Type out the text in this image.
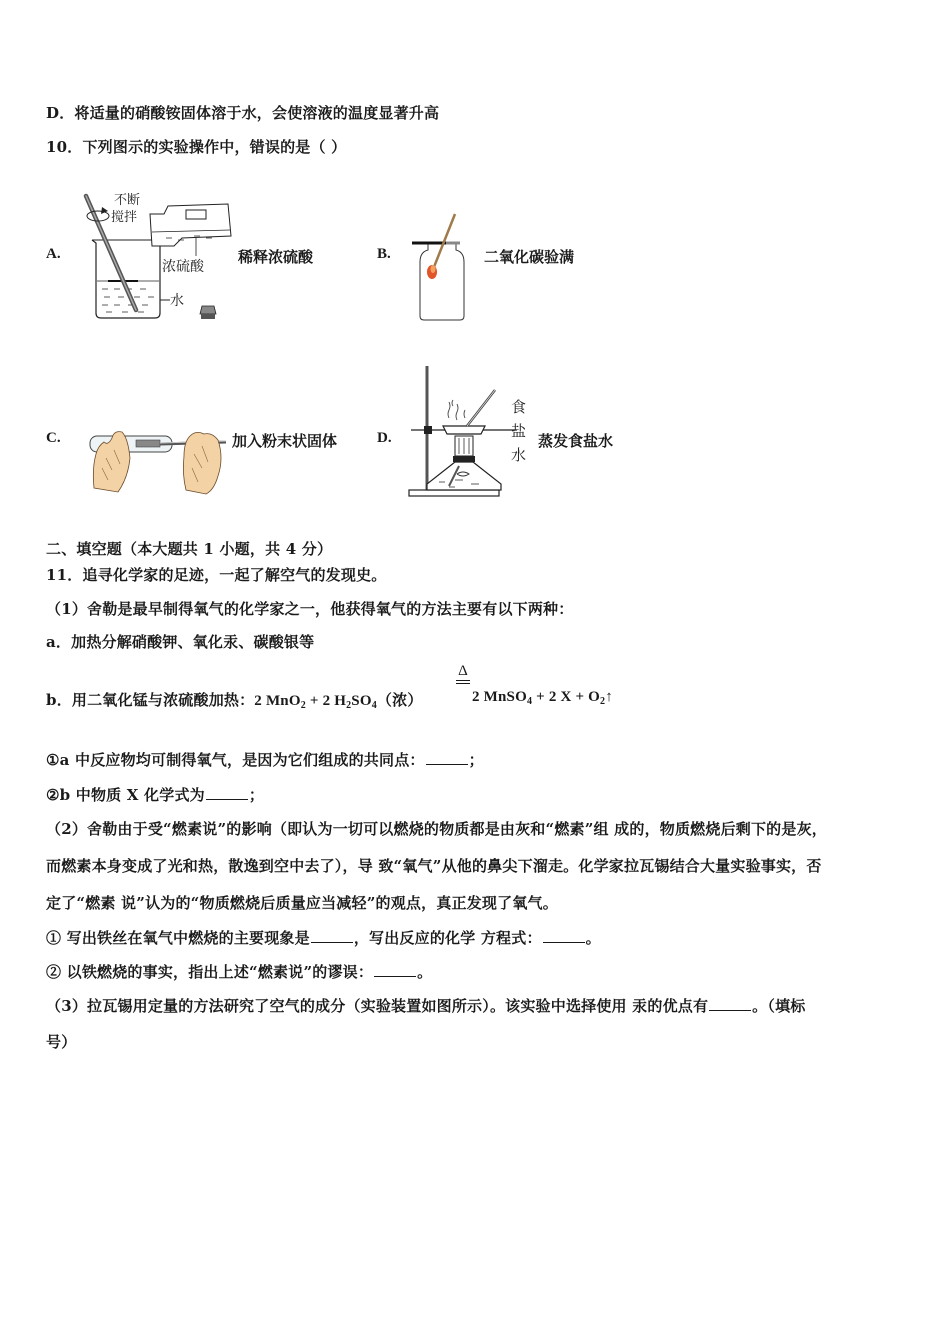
D．将适量的硝酸铵固体溶于水，会使溶液的温度显著升高
10．下列图示的实验操作中，错误的是（ ）
A.
不断
搅拌
浓硫酸
水
稀释浓硫酸	B.	二氧化碳验满
C.	加入粉末状固体	D.
食
盐
水
蒸发食盐水
二、填空题（本大题共 1 小题，共 4 分）
11．追寻化学家的足迹，一起了解空气的发现史。
（1）舍勒是最早制得氧气的化学家之一，他获得氧气的方法主要有以下两种：
a．加热分解硝酸钾、氧化汞、碳酸银等
b．用二氧化锰与浓硫酸加热：2 MnO$_2$ + 2 $H_2SO_4$（浓）
Δ
2 MnSO$_4$ + 2 $X + O_2↑$
①a 中反应物均可制得氧气，是因为它们组成的共同点：	；
②b 中物质 X 化学式为	；
（2）舍勒由于受“燃素说”的影响（即认为一切可以燃烧的物质都是由灰和“燃素”组 成的，物质燃烧后剩下的是灰，
而燃素本身变成了光和热，散逸到空中去了），导 致“氧气”从他的鼻尖下溜走。化学家拉瓦锡结合大量实验事实，否
定了“燃素 说”认为的“物质燃烧后质量应当减轻”的观点，真正发现了氧气。
① 写出铁丝在氧气中燃烧的主要现象是	，写出反应的化学 方程式：	。
② 以铁燃烧的事实，指出上述“燃素说”的谬误：	。
（3）拉瓦锡用定量的方法研究了空气的成分（实验装置如图所示）。该实验中选择使用 汞的优点有	。（填标
号）
